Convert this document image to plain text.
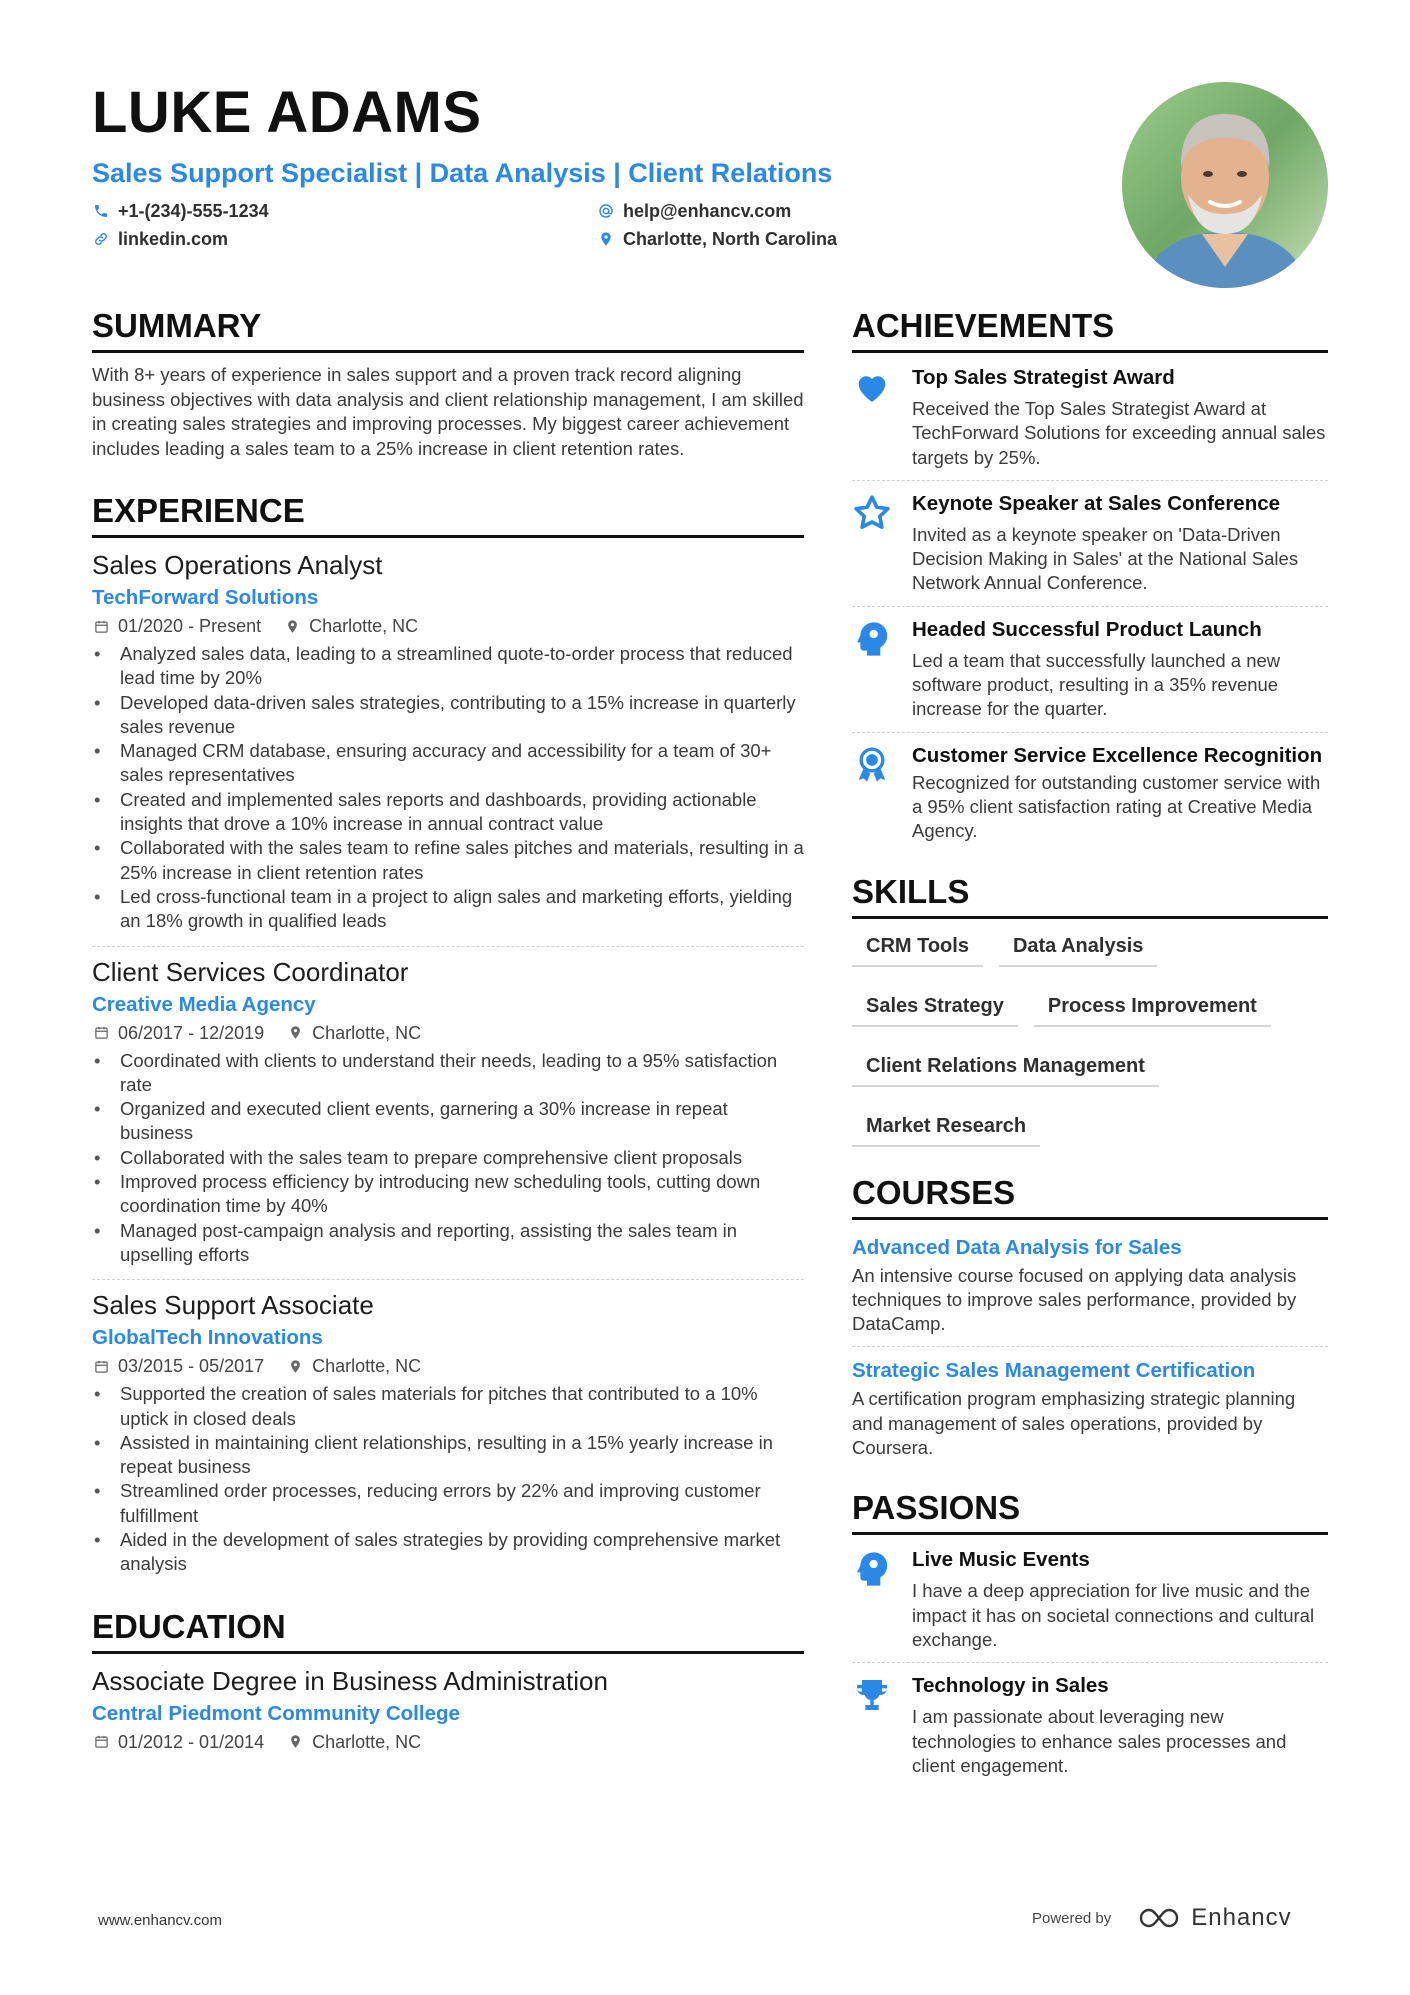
LUKE ADAMS
Sales Support Specialist | Data Analysis | Client Relations
+1-(234)-555-1234	help@enhancv.com
linkedin.com	Charlotte, North Carolina
SUMMARY
With 8+ years of experience in sales support and a proven track record aligning business objectives with data analysis and client relationship management, I am skilled in creating sales strategies and improving processes. My biggest career achievement includes leading a sales team to a 25% increase in client retention rates.
EXPERIENCE
Sales Operations Analyst
TechForward Solutions
01/2020 - Present	Charlotte, NC
• Analyzed sales data, leading to a streamlined quote-to-order process that reduced lead time by 20%
• Developed data-driven sales strategies, contributing to a 15% increase in quarterly sales revenue
• Managed CRM database, ensuring accuracy and accessibility for a team of 30+ sales representatives
• Created and implemented sales reports and dashboards, providing actionable insights that drove a 10% increase in annual contract value
• Collaborated with the sales team to refine sales pitches and materials, resulting in a 25% increase in client retention rates
• Led cross-functional team in a project to align sales and marketing efforts, yielding an 18% growth in qualified leads
Client Services Coordinator
Creative Media Agency
06/2017 - 12/2019	Charlotte, NC
• Coordinated with clients to understand their needs, leading to a 95% satisfaction rate
• Organized and executed client events, garnering a 30% increase in repeat business
• Collaborated with the sales team to prepare comprehensive client proposals
• Improved process efficiency by introducing new scheduling tools, cutting down coordination time by 40%
• Managed post-campaign analysis and reporting, assisting the sales team in upselling efforts
Sales Support Associate
GlobalTech Innovations
03/2015 - 05/2017	Charlotte, NC
• Supported the creation of sales materials for pitches that contributed to a 10% uptick in closed deals
• Assisted in maintaining client relationships, resulting in a 15% yearly increase in repeat business
• Streamlined order processes, reducing errors by 22% and improving customer fulfillment
• Aided in the development of sales strategies by providing comprehensive market analysis
EDUCATION
Associate Degree in Business Administration
Central Piedmont Community College
01/2012 - 01/2014	Charlotte, NC
ACHIEVEMENTS
Top Sales Strategist Award
Received the Top Sales Strategist Award at TechForward Solutions for exceeding annual sales targets by 25%.
Keynote Speaker at Sales Conference
Invited as a keynote speaker on 'Data-Driven Decision Making in Sales' at the National Sales Network Annual Conference.
Headed Successful Product Launch
Led a team that successfully launched a new software product, resulting in a 35% revenue increase for the quarter.
Customer Service Excellence Recognition
Recognized for outstanding customer service with a 95% client satisfaction rating at Creative Media Agency.
SKILLS
CRM Tools	Data Analysis
Sales Strategy	Process Improvement
Client Relations Management
Market Research
COURSES
Advanced Data Analysis for Sales
An intensive course focused on applying data analysis techniques to improve sales performance, provided by DataCamp.
Strategic Sales Management Certification
A certification program emphasizing strategic planning and management of sales operations, provided by Coursera.
PASSIONS
Live Music Events
I have a deep appreciation for live music and the impact it has on societal connections and cultural exchange.
Technology in Sales
I am passionate about leveraging new technologies to enhance sales processes and client engagement.
www.enhancv.com	Powered by	Enhancv
